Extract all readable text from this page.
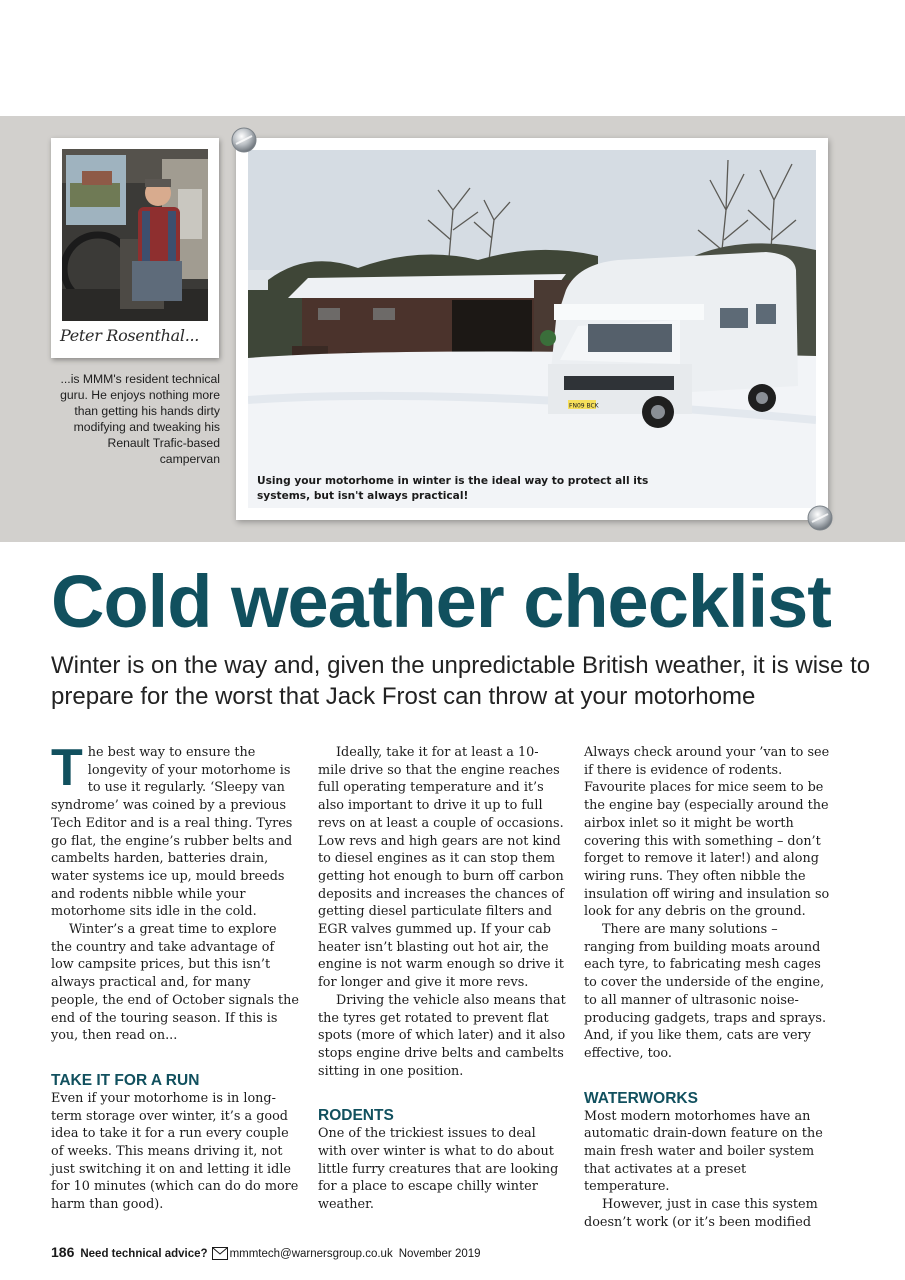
Peter Rosenthal...
...is MMM's resident technical guru. He enjoys nothing more than getting his hands dirty modifying and tweaking his Renault Trafic-based campervan
FN09 BCK
Using your motorhome in winter is the ideal way to protect all its systems, but isn't always practical!
Cold weather checklist

Winter is on the way and, given the unpredictable British weather, it is wise to prepare for the worst that Jack Frost can throw at your motorhome

The best way to ensure the longevity of your motorhome is to use it regularly. ‘Sleepy van syndrome’ was coined by a previous Tech Editor and is a real thing. Tyres go flat, the engine’s rubber belts and cambelts harden, batteries drain, water systems ice up, mould breeds and rodents nibble while your motorhome sits idle in the cold.

Winter’s a great time to explore the country and take advantage of low campsite prices, but this isn’t always practical and, for many people, the end of October signals the end of the touring season. If this is you, then read on...

TAKE IT FOR A RUN

Even if your motorhome is in long-term storage over winter, it’s a good idea to take it for a run every couple of weeks. This means driving it, not just switching it on and letting it idle for 10 minutes (which can do do more harm than good).

Ideally, take it for at least a 10-mile drive so that the engine reaches full operating temperature and it’s also important to drive it up to full revs on at least a couple of occasions. Low revs and high gears are not kind to diesel engines as it can stop them getting hot enough to burn off carbon deposits and increases the chances of getting diesel particulate filters and EGR valves gummed up. If your cab heater isn’t blasting out hot air, the engine is not warm enough so drive it for longer and give it more revs.

Driving the vehicle also means that the tyres get rotated to prevent flat spots (more of which later) and it also stops engine drive belts and cambelts sitting in one position.

RODENTS

One of the trickiest issues to deal with over winter is what to do about little furry creatures that are looking for a place to escape chilly winter weather.

Always check around your ’van to see if there is evidence of rodents. Favourite places for mice seem to be the engine bay (especially around the airbox inlet so it might be worth covering this with something – don’t forget to remove it later!) and along wiring runs. They often nibble the insulation off wiring and insulation so look for any debris on the ground.

There are many solutions – ranging from building moats around each tyre, to fabricating mesh cages to cover the underside of the engine, to all manner of ultrasonic noise-producing gadgets, traps and sprays. And, if you like them, cats are very effective, too.

WATERWORKS

Most modern motorhomes have an automatic drain-down feature on the main fresh water and boiler system that activates at a preset temperature.

However, just in case this system doesn’t work (or it’s been modified

186 Need technical advice? mmmtech@warnersgroup.co.uk November 2019
